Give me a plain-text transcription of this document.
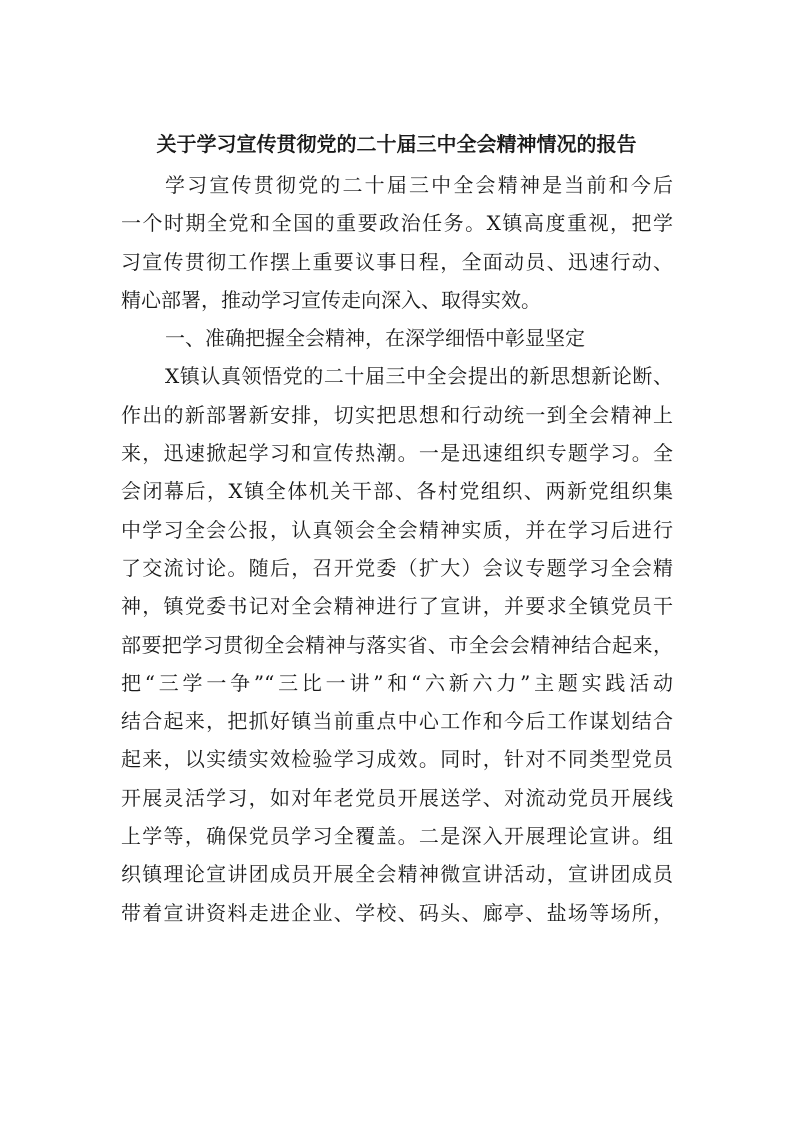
关于学习宣传贯彻党的二十届三中全会精神情况的报告
学习宣传贯彻党的二十届三中全会精神是当前和今后
一个时期全党和全国的重要政治任务。X镇高度重视，把学
习宣传贯彻工作摆上重要议事日程，全面动员、迅速行动、
精心部署，推动学习宣传走向深入、取得实效。
一、准确把握全会精神，在深学细悟中彰显坚定
X镇认真领悟党的二十届三中全会提出的新思想新论断、
作出的新部署新安排，切实把思想和行动统一到全会精神上
来，迅速掀起学习和宣传热潮。一是迅速组织专题学习。全
会闭幕后，X镇全体机关干部、各村党组织、两新党组织集
中学习全会公报，认真领会全会精神实质，并在学习后进行
了交流讨论。随后，召开党委（扩大）会议专题学习全会精
神，镇党委书记对全会精神进行了宣讲，并要求全镇党员干
部要把学习贯彻全会精神与落实省、市全会会精神结合起来，
把“三学一争”“三比一讲”和“六新六力”主题实践活动
结合起来，把抓好镇当前重点中心工作和今后工作谋划结合
起来，以实绩实效检验学习成效。同时，针对不同类型党员
开展灵活学习，如对年老党员开展送学、对流动党员开展线
上学等，确保党员学习全覆盖。二是深入开展理论宣讲。组
织镇理论宣讲团成员开展全会精神微宣讲活动，宣讲团成员
带着宣讲资料走进企业、学校、码头、廊亭、盐场等场所，
